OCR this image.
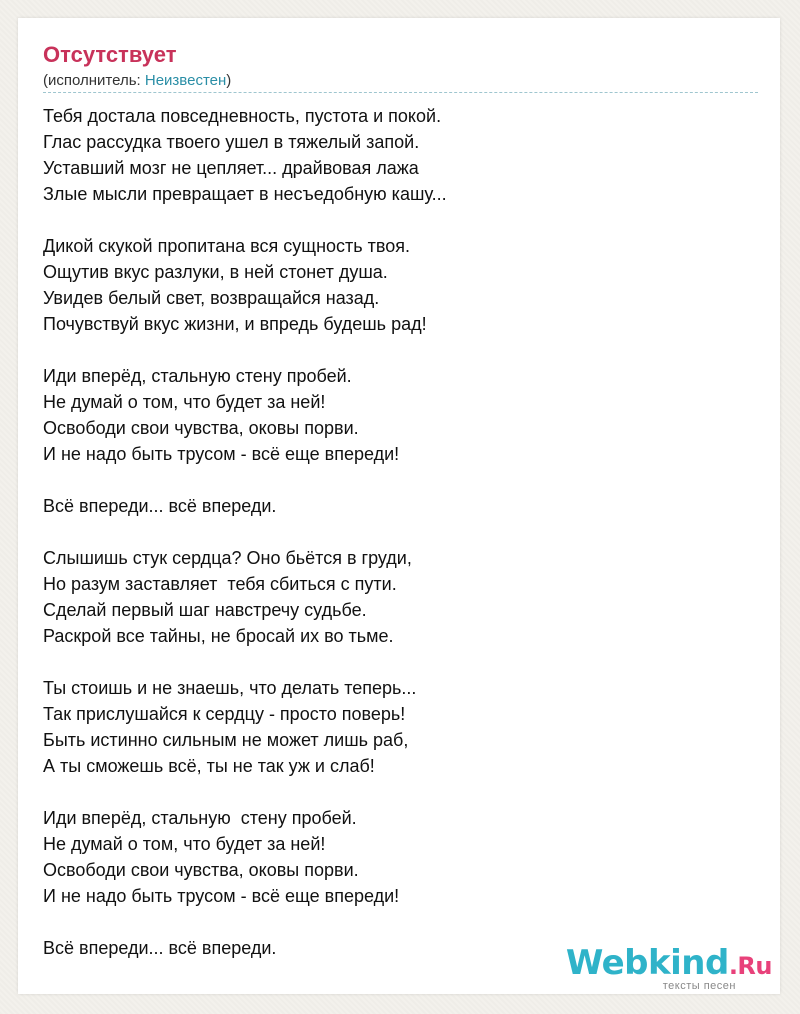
Отсутствует
(исполнитель: Неизвестен)
Тебя достала повседневность, пустота и покой.
Глас рассудка твоего ушел в тяжелый запой.
Уставший мозг не цепляет... драйвовая лажа
Злые мысли превращает в несъедобную кашу...
Дикой скукой пропитана вся сущность твоя.
Ощутив вкус разлуки, в ней стонет душа.
Увидев белый свет, возвращайся назад.
Почувствуй вкус жизни, и впредь будешь рад!
Иди вперёд, стальную стену пробей.
Не думай о том, что будет за ней!
Освободи свои чувства, оковы порви.
И не надо быть трусом - всё еще впереди!
Всё впереди... всё впереди.
Слышишь стук сердца? Оно бьётся в груди,
Но разум заставляет  тебя сбиться с пути.
Сделай первый шаг навстречу судьбе.
Раскрой все тайны, не бросай их во тьме.
Ты стоишь и не знаешь, что делать теперь...
Так прислушайся к сердцу - просто поверь!
Быть истинно сильным не может лишь раб,
А ты сможешь всё, ты не так уж и слаб!
Иди вперёд, стальную  стену пробей.
Не думай о том, что будет за ней!
Освободи свои чувства, оковы порви.
И не надо быть трусом - всё еще впереди!
Всё впереди... всё впереди.	Webkind.Ru
тексты песен
